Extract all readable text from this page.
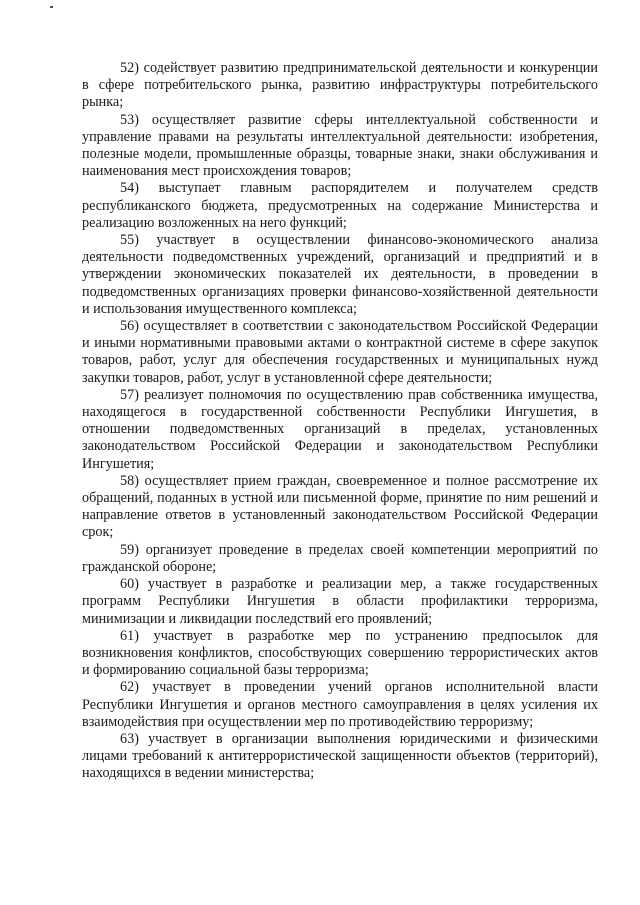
52) содействует развитию предпринимательской деятельности и конкуренции в сфере потребительского рынка, развитию инфраструктуры потребительского рынка;

53) осуществляет развитие сферы интеллектуальной собственности и управление правами на результаты интеллектуальной деятельности: изобретения, полезные модели, промышленные образцы, товарные знаки, знаки обслуживания и наименования мест происхождения товаров;

54) выступает главным распорядителем и получателем средств республиканского бюджета, предусмотренных на содержание Министерства и реализацию возложенных на него функций;

55) участвует в осуществлении финансово-экономического анализа деятельности подведомственных учреждений, организаций и предприятий и в утверждении экономических показателей их деятельности, в проведении в подведомственных организациях проверки финансово-хозяйственной деятельности и использования имущественного комплекса;

56) осуществляет в соответствии с законодательством Российской Федерации и иными нормативными правовыми актами о контрактной системе в сфере закупок товаров, работ, услуг для обеспечения государственных и муниципальных нужд закупки товаров, работ, услуг в установленной сфере деятельности;

57) реализует полномочия по осуществлению прав собственника имущества, находящегося в государственной собственности Республики Ингушетия, в отношении подведомственных организаций в пределах, установленных законодательством Российской Федерации и законодательством Республики Ингушетия;

58) осуществляет прием граждан, своевременное и полное рассмотрение их обращений, поданных в устной или письменной форме, принятие по ним решений и направление ответов в установленный законодательством Российской Федерации срок;

59) организует проведение в пределах своей компетенции мероприятий по гражданской обороне;

60) участвует в разработке и реализации мер, а также государственных программ Республики Ингушетия в области профилактики терроризма, минимизации и ликвидации последствий его проявлений;

61) участвует в разработке мер по устранению предпосылок для возникновения конфликтов, способствующих совершению террористических актов и формированию социальной базы терроризма;

62) участвует в проведении учений органов исполнительной власти Республики Ингушетия и органов местного самоуправления в целях усиления их взаимодействия при осуществлении мер по противодействию терроризму;

63) участвует в организации выполнения юридическими и физическими лицами требований к антитеррористической защищенности объектов (территорий), находящихся в ведении министерства;
